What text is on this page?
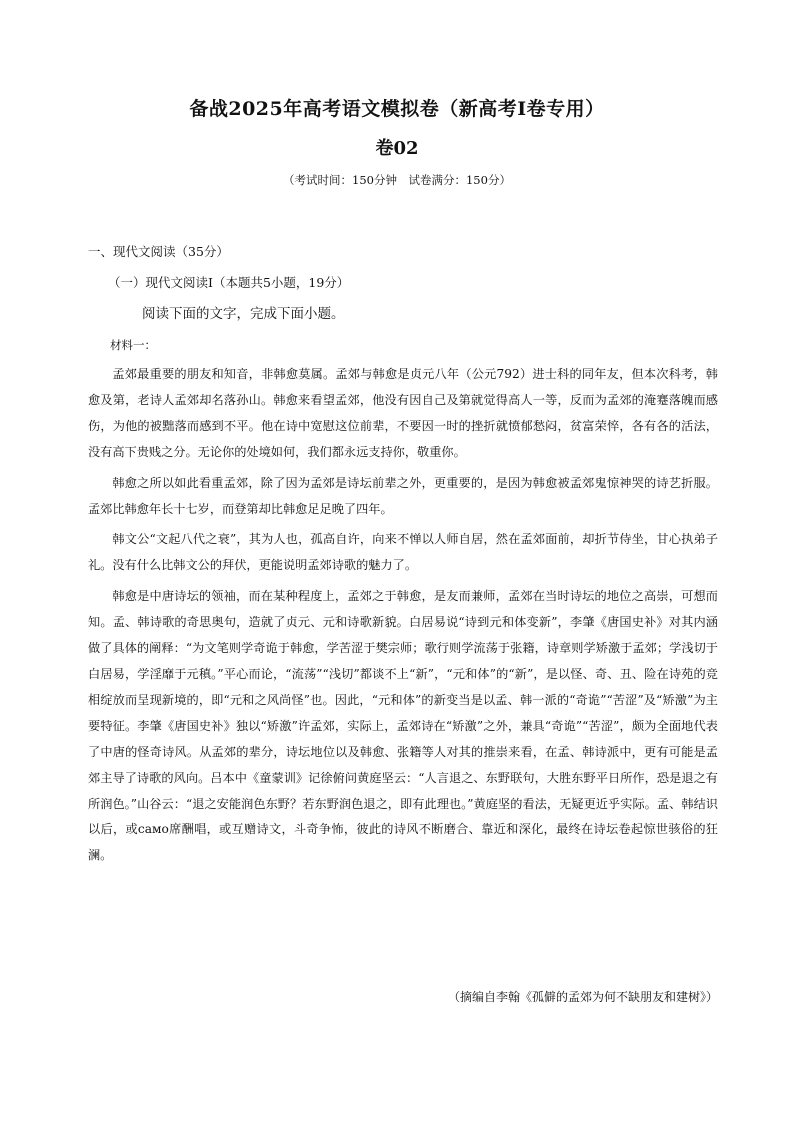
备战2025年高考语文模拟卷（新高考Ⅰ卷专用）
卷02
（考试时间：150分钟　试卷满分：150分）
一、现代文阅读（35分）
（一）现代文阅读Ⅰ（本题共5小题，19分）
阅读下面的文字，完成下面小题。
材料一：

孟郊最重要的朋友和知音，非韩愈莫属。孟郊与韩愈是贞元八年（公元792）进士科的同年友，但本次科考，韩愈及第，老诗人孟郊却名落孙山。韩愈来看望孟郊，他没有因自己及第就觉得高人一等，反而为孟郊的淹蹇落魄而感伤，为他的被黜落而感到不平。他在诗中宽慰这位前辈，不要因一时的挫折就愤郁愁闷，贫富荣悴，各有各的活法，没有高下贵贱之分。无论你的处境如何，我们都永远支持你，敬重你。

韩愈之所以如此看重孟郊，除了因为孟郊是诗坛前辈之外，更重要的，是因为韩愈被孟郊鬼惊神哭的诗艺折服。孟郊比韩愈年长十七岁，而登第却比韩愈足足晚了四年。

韩文公“文起八代之衰”，其为人也，孤高自许，向来不惮以人师自居，然在孟郊面前，却折节侍坐，甘心执弟子礼。没有什么比韩文公的拜伏，更能说明孟郊诗歌的魅力了。

韩愈是中唐诗坛的领袖，而在某种程度上，孟郊之于韩愈，是友而兼师，孟郊在当时诗坛的地位之高崇，可想而知。孟、韩诗歌的奇思奥句，造就了贞元、元和诗歌新貌。白居易说“诗到元和体变新”，李肇《唐国史补》对其内涵做了具体的阐释：“为文笔则学奇诡于韩愈，学苦涩于樊宗师；歌行则学流荡于张籍，诗章则学矫激于孟郊；学浅切于白居易，学淫靡于元稹。”平心而论，“流荡”“浅切”都谈不上“新”，“元和体”的“新”，是以怪、奇、丑、险在诗苑的竞相绽放而呈现新境的，即“元和之风尚怪”也。因此，“元和体”的新变当是以孟、韩一派的“奇诡”“苦涩”及“矫激”为主要特征。李肇《唐国史补》独以“矫激”许孟郊，实际上，孟郊诗在“矫激”之外，兼具“奇诡”“苦涩”，颇为全面地代表了中唐的怪奇诗风。从孟郊的辈分，诗坛地位以及韩愈、张籍等人对其的推崇来看，在孟、韩诗派中，更有可能是孟郊主导了诗歌的风向。吕本中《童蒙训》记徐俯问黄庭坚云：“人言退之、东野联句，大胜东野平日所作，恐是退之有所润色。”山谷云：“退之安能润色东野？若东野润色退之，即有此理也。”黄庭坚的看法，无疑更近乎实际。孟、韩结识以后，或само席酬唱，或互赠诗文，斗奇争怖，彼此的诗风不断磨合、靠近和深化，最终在诗坛卷起惊世骇俗的狂澜。

（摘编自李翰《孤僻的孟郊为何不缺朋友和建树》）
